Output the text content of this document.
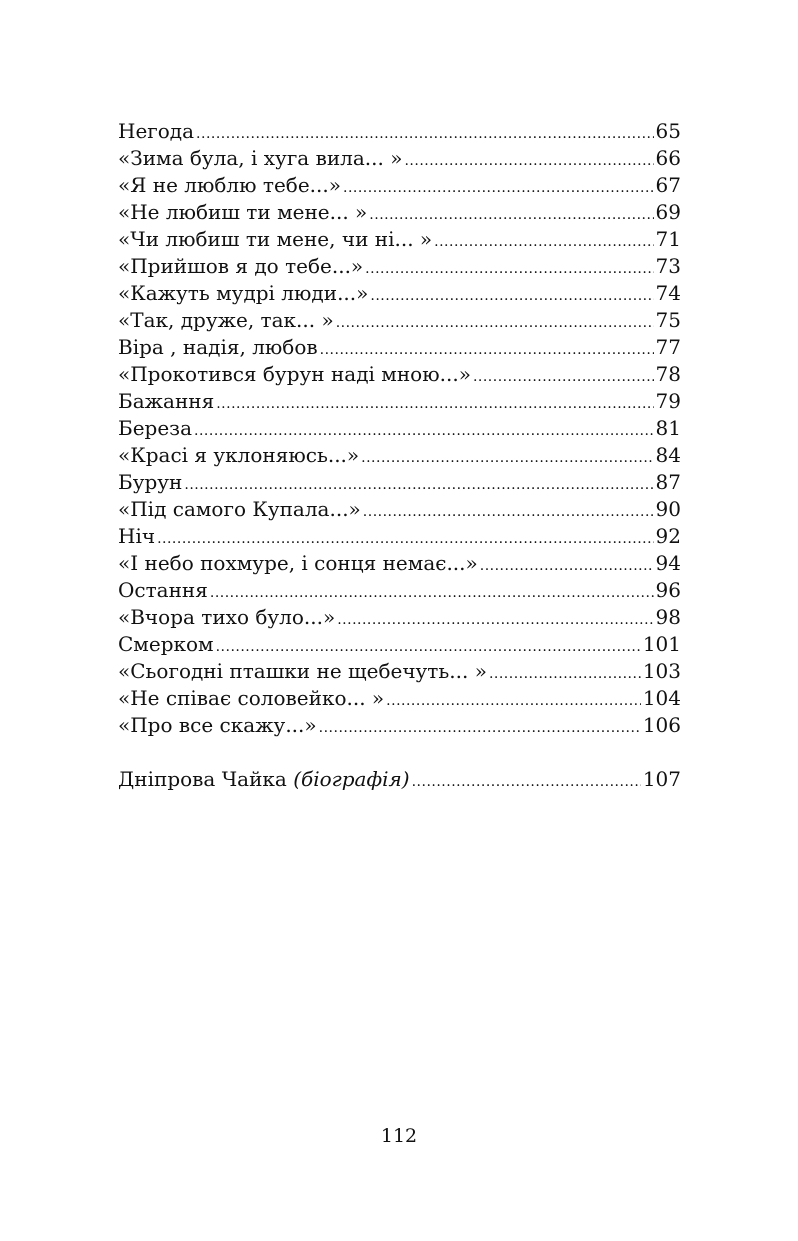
Негода .....	65
«Зима була, і хуга вила... » .....	66
«Я не люблю тебе...» .....	67
«Не любиш ти мене... » .....	69
«Чи любиш ти мене, чи ні... » .....	71
«Прийшов я до тебе...» .....	73
«Кажуть мудрі люди...» .....	74
«Так, друже, так... » .....	75
Віра , надія, любов .....	77
«Прокотився бурун наді мною...» .....	78
Бажання .....	79
Береза .....	81
«Красі я уклоняюсь...» .....	84
Бурун .....	87
«Під самого Купала...» .....	90
Ніч .....	92
«І небо похмуре, і сонця немає...» .....	94
Остання .....	96
«Вчора тихо було...» .....	98
Смерком .....	101
«Сьогодні пташки не щебечуть... » .....	103
«Не співає соловейко... » .....	104
«Про все скажу...» .....	106
Дніпрова Чайка (біографія) .....	107
112
